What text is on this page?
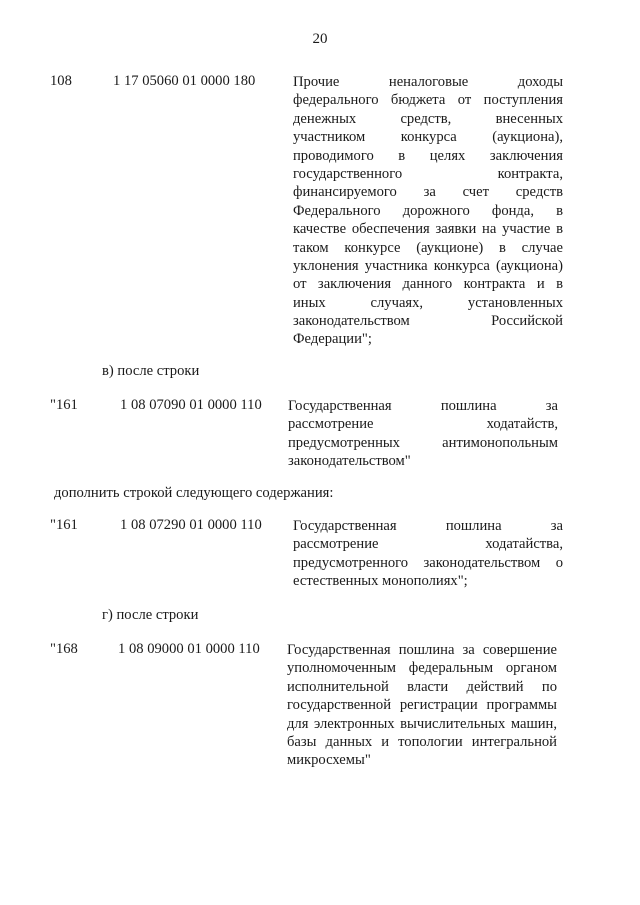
20
108	1 17 05060 01 0000 180	Прочие неналоговые доходы
федерального бюджета от поступления
денежных средств, внесенных
участником конкурса (аукциона),
проводимого в целях заключения
государственного контракта,
финансируемого за счет средств
Федерального дорожного фонда, в
качестве обеспечения заявки на участие в
таком конкурсе (аукционе) в случае
уклонения участника конкурса (аукциона)
от заключения данного контракта и в
иных случаях, установленных
законодательством Российской
Федерации";
в) после строки
"161	1 08 07090 01 0000 110 Государственная пошлина за
рассмотрение ходатайств,
предусмотренных антимонопольным
законодательством"
дополнить строкой следующего содержания:
"161	1 08 07290 01 0000 110 Государственная пошлина за
рассмотрение ходатайства,
предусмотренного законодательством о
естественных монополиях";
г) после строки
"168	1 08 09000 01 0000 110 Государственная пошлина за совершение
уполномоченным федеральным органом
исполнительной власти действий по
государственной регистрации программы
для электронных вычислительных машин,
базы данных и топологии интегральной
микросхемы"
